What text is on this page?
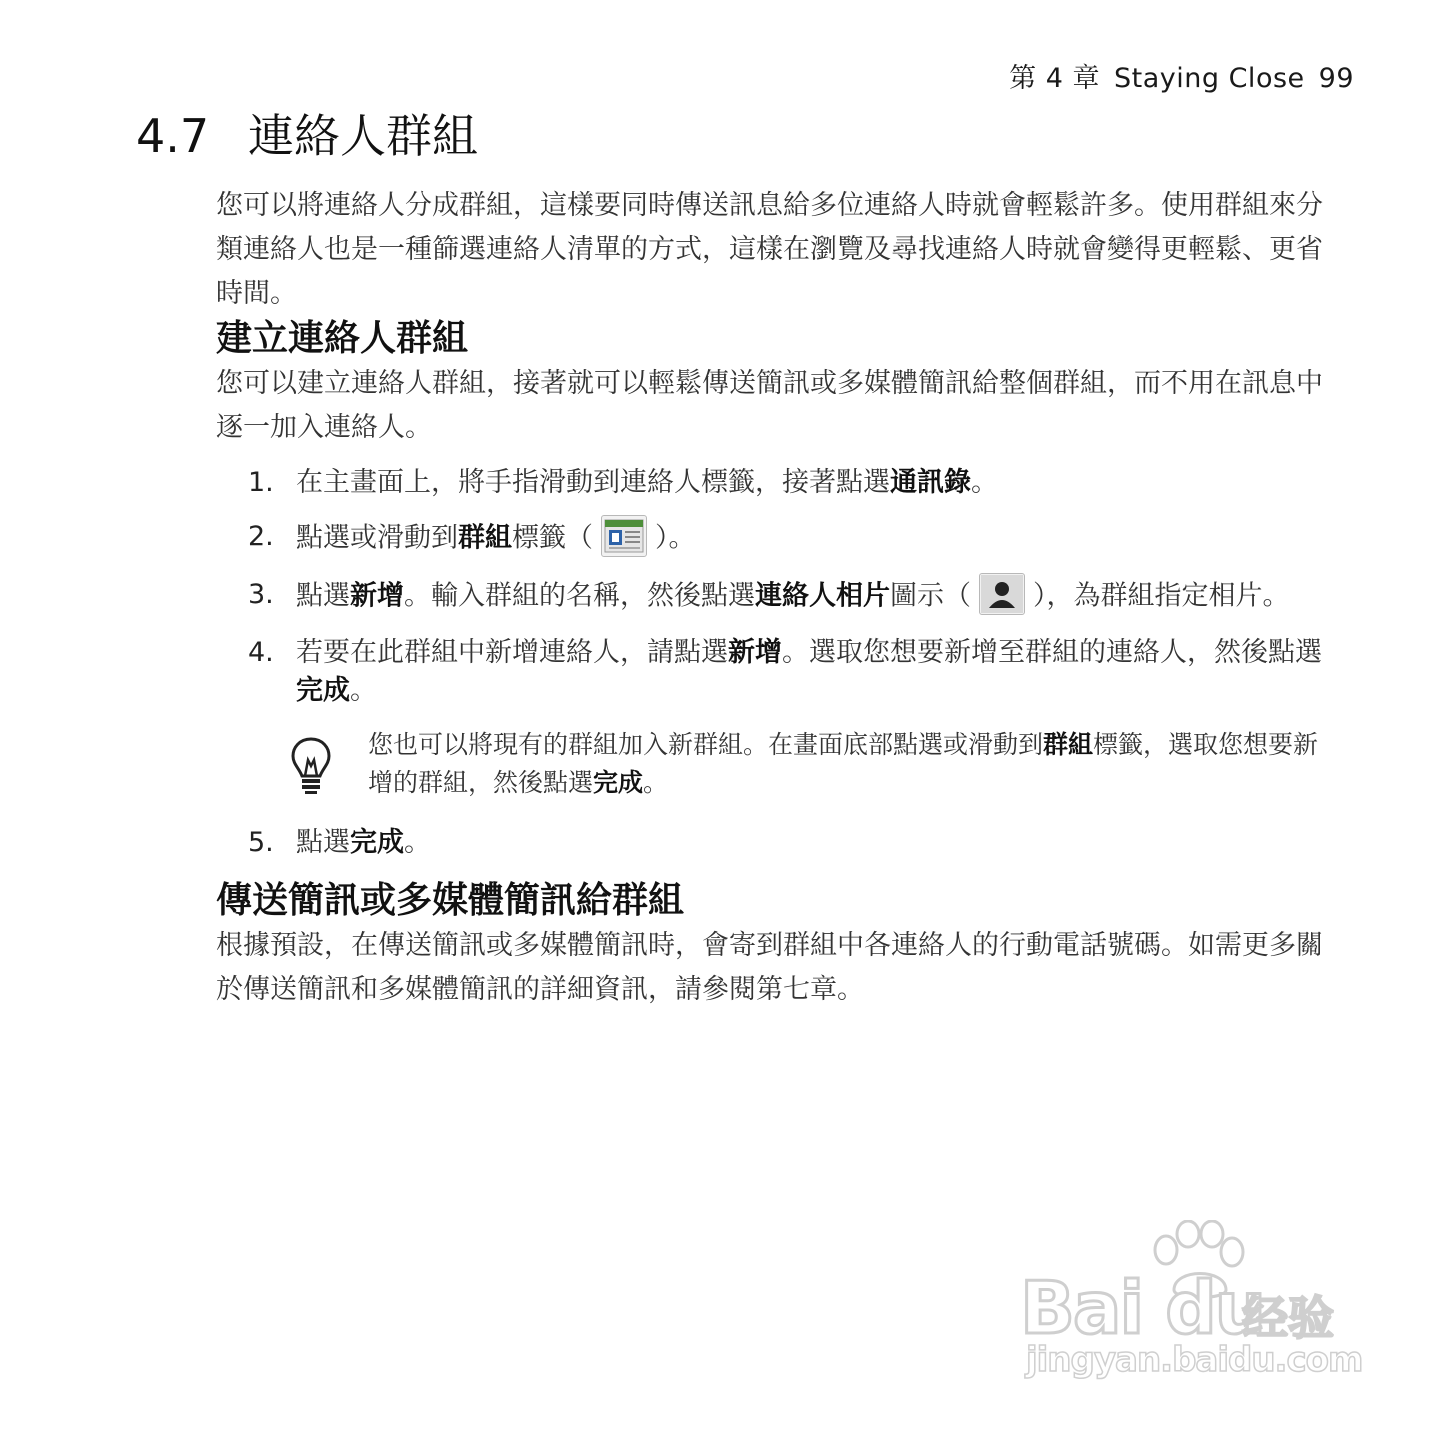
第 4 章 Staying Close 99
4.7 連絡人群組

您可以將連絡人分成群組，這樣要同時傳送訊息給多位連絡人時就會輕鬆許多。使用群組來分類連絡人也是一種篩選連絡人清單的方式，這樣在瀏覽及尋找連絡人時就會變得更輕鬆、更省時間。

建立連絡人群組

您可以建立連絡人群組，接著就可以輕鬆傳送簡訊或多媒體簡訊給整個群組，而不用在訊息中逐一加入連絡人。

1. 在主畫面上，將手指滑動到連絡人標籤，接著點選通訊錄。
2. 點選或滑動到群組標籤（ ）。
3. 點選新增。輸入群組的名稱，然後點選連絡人相片圖示（ ），為群組指定相片。
4. 若要在此群組中新增連絡人，請點選新增。選取您想要新增至群組的連絡人，然後點選完成。
您也可以將現有的群組加入新群組。在畫面底部點選或滑動到群組標籤，選取您想要新增的群組，然後點選完成。
5. 點選完成。
傳送簡訊或多媒體簡訊給群組

根據預設，在傳送簡訊或多媒體簡訊時，會寄到群組中各連絡人的行動電話號碼。如需更多關於傳送簡訊和多媒體簡訊的詳細資訊，請參閱第七章。

Bai du
经验
jingyan.baidu.com
